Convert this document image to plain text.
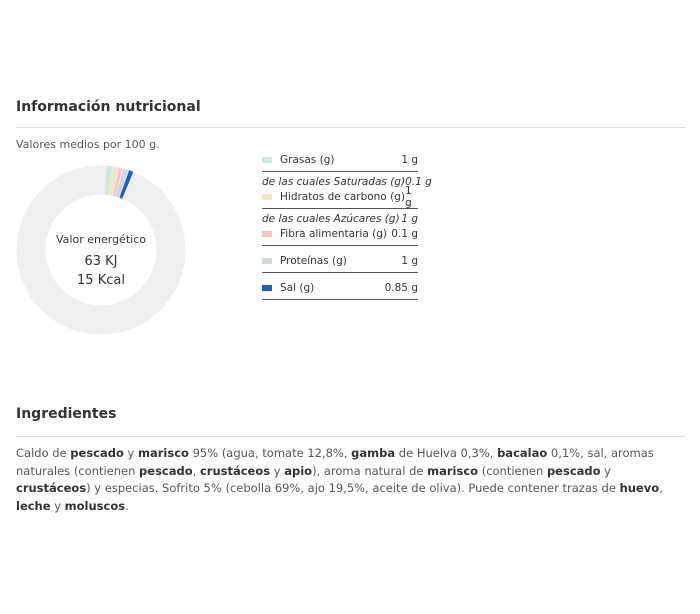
Información nutricional
Valores medios por 100 g.
Valor energético
63 KJ
15 Kcal
Grasas (g)	1 g
de las cuales Saturadas (g) 0.1 g
Hidratos de carbono (g) 1 g
de las cuales Azúcares (g) 1 g
Fibra alimentaria (g) 0.1 g
Proteínas (g)	1 g
Sal (g)	0.85 g
Ingredientes

Caldo de pescado y marisco 95% (agua, tomate 12,8%, gamba de Huelva 0,3%, bacalao 0,1%, sal, aromas naturales (contienen pescado, crustáceos y apio), aroma natural de marisco (contienen pescado y crustáceos) y especias. Sofrito 5% (cebolla 69%, ajo 19,5%, aceite de oliva). Puede contener trazas de huevo, leche y moluscos.
